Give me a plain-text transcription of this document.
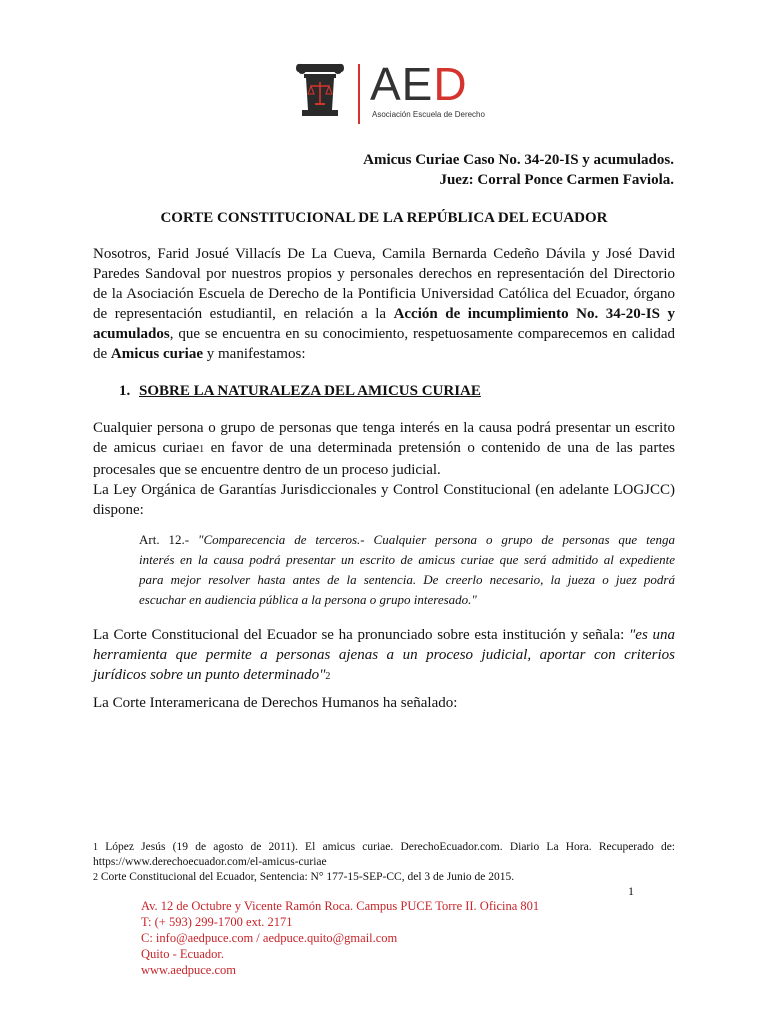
AED
Asociación Escuela de Derecho
Amicus Curiae Caso No. 34-20-IS y acumulados.
Juez: Corral Ponce Carmen Faviola.
CORTE CONSTITUCIONAL DE LA REPÚBLICA DEL ECUADOR
Nosotros, Farid Josué Villacís De La Cueva, Camila Bernarda Cedeño Dávila y José David
Paredes Sandoval por nuestros propios y personales derechos en representación del Directorio
de la Asociación Escuela de Derecho de la Pontificia Universidad Católica del Ecuador, órgano
de representación estudiantil, en relación a la Acción de incumplimiento No. 34-20-IS y
acumulados, que se encuentra en su conocimiento, respetuosamente comparecemos en calidad
de Amicus curiae y manifestamos:
1. SOBRE LA NATURALEZA DEL AMICUS CURIAE
Cualquier persona o grupo de personas que tenga interés en la causa podrá presentar un escrito
de amicus curiae1 en favor de una determinada pretensión o contenido de una de las partes
procesales que se encuentre dentro de un proceso judicial.
La Ley Orgánica de Garantías Jurisdiccionales y Control Constitucional (en adelante LOGJCC)
dispone:
Art. 12.- "Comparecencia de terceros.- Cualquier persona o grupo de personas que tenga
interés en la causa podrá presentar un escrito de amicus curiae que será admitido al expediente
para mejor resolver hasta antes de la sentencia. De creerlo necesario, la jueza o juez podrá
escuchar en audiencia pública a la persona o grupo interesado."
La Corte Constitucional del Ecuador se ha pronunciado sobre esta institución y señala: "es una
herramienta que permite a personas ajenas a un proceso judicial, aportar con criterios
jurídicos sobre un punto determinado"2
La Corte Interamericana de Derechos Humanos ha señalado:
1 López Jesús (19 de agosto de 2011). El amicus curiae. DerechoEcuador.com. Diario La Hora. Recuperado de:
https://www.derechoecuador.com/el-amicus-curiae
2 Corte Constitucional del Ecuador, Sentencia: N° 177-15-SEP-CC, del 3 de Junio de 2015.
1
Av. 12 de Octubre y Vicente Ramón Roca. Campus PUCE Torre II. Oficina 801
T: (+ 593) 299-1700 ext. 2171
C: info@aedpuce.com / aedpuce.quito@gmail.com
Quito - Ecuador.
www.aedpuce.com
